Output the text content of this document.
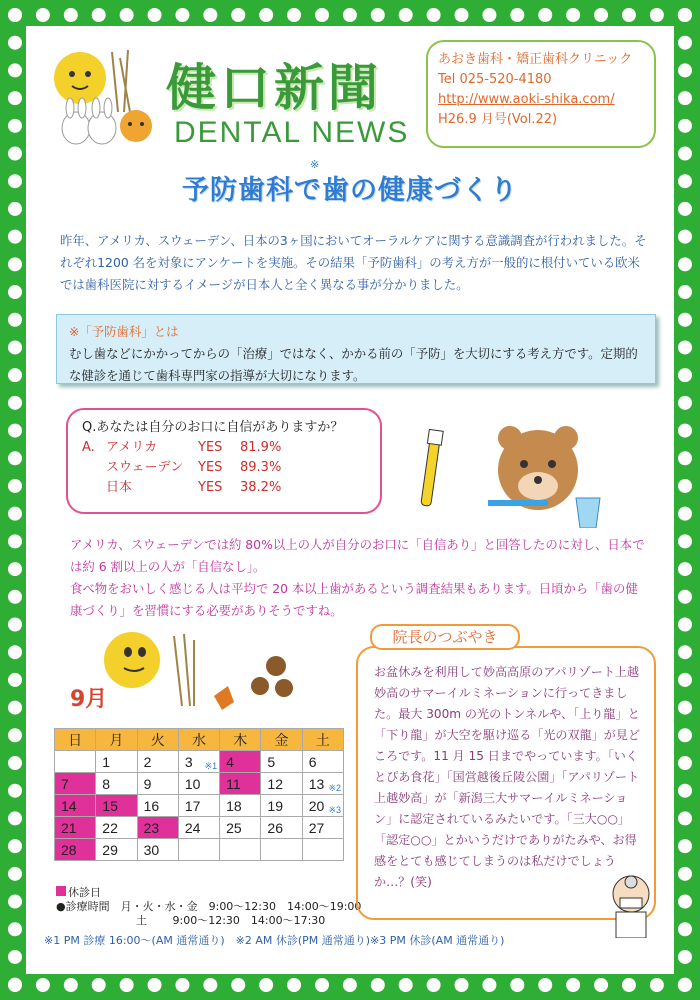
健口新聞
DENTAL NEWS
あおき歯科・矯正歯科クリニック
Tel 025-520-4180
http://www.aoki-shika.com/
H26.9 月号(Vol.22)
※
予防歯科で歯の健康づくり
昨年、アメリカ、スウェーデン、日本の3ヶ国においてオーラルケアに関する意識調査が行われました。それぞれ1200 名を対象にアンケートを実施。その結果「予防歯科」の考え方が一般的に根付いている欧米では歯科医院に対するイメージが日本人と全く異なる事が分かりました。
※「予防歯科」とは
むし歯などにかかってからの「治療」ではなく、かかる前の「予防」を大切にする考え方です。定期的な健診を通じて歯科専門家の指導が大切になります。
Q.あなたは自分のお口に自信がありますか？
A. アメリカ	YES	81.9%
スウェーデン	YES	89.3%
日本	YES	38.2%
アメリカ、スウェーデンでは約 80%以上の人が自分のお口に「自信あり」と回答したのに対し、日本では約 6 割以上の人が「自信なし」。
食べ物をおいしく感じる人は平均で 20 本以上歯があるという調査結果もあります。日頃から「歯の健康づくり」を習慣にする必要がありそうですね。
9月
日	月	火	水	木	金	土
	1	2	3 ※1	4	5	6
7	8	9	10	11	12	13 ※2

14	15	16	17	18	19	20 ※3

21	22	23	24	25	26	27
28	29	30				
休診日
●診療時間　 月・火・水・金　9:00～12:30　14:00～19:00
土　　 9:00～12:30　14:00～17:30
※1 PM 診療 16:00～(AM 通常通り)　※2 AM 休診(PM 通常通り)※3 PM 休診(AM 通常通り)
院長のつぶやき
お盆休みを利用して妙高高原のアパリゾート上越妙高のサマーイルミネーションに行ってきました。最大 300m の光のトンネルや、「上り龍」と「下り龍」が大空を駆け巡る「光の双龍」が見どころです。11 月 15 日までやっています。「いくとぴあ食花」「国営越後丘陵公園」「アパリゾート上越妙高」が「新潟三大サマーイルミネーション」に認定されているみたいです。「三大○○」「認定○○」とかいうだけでありがたみや、お得感をとても感じてしまうのは私だけでしょうか…？(笑)
